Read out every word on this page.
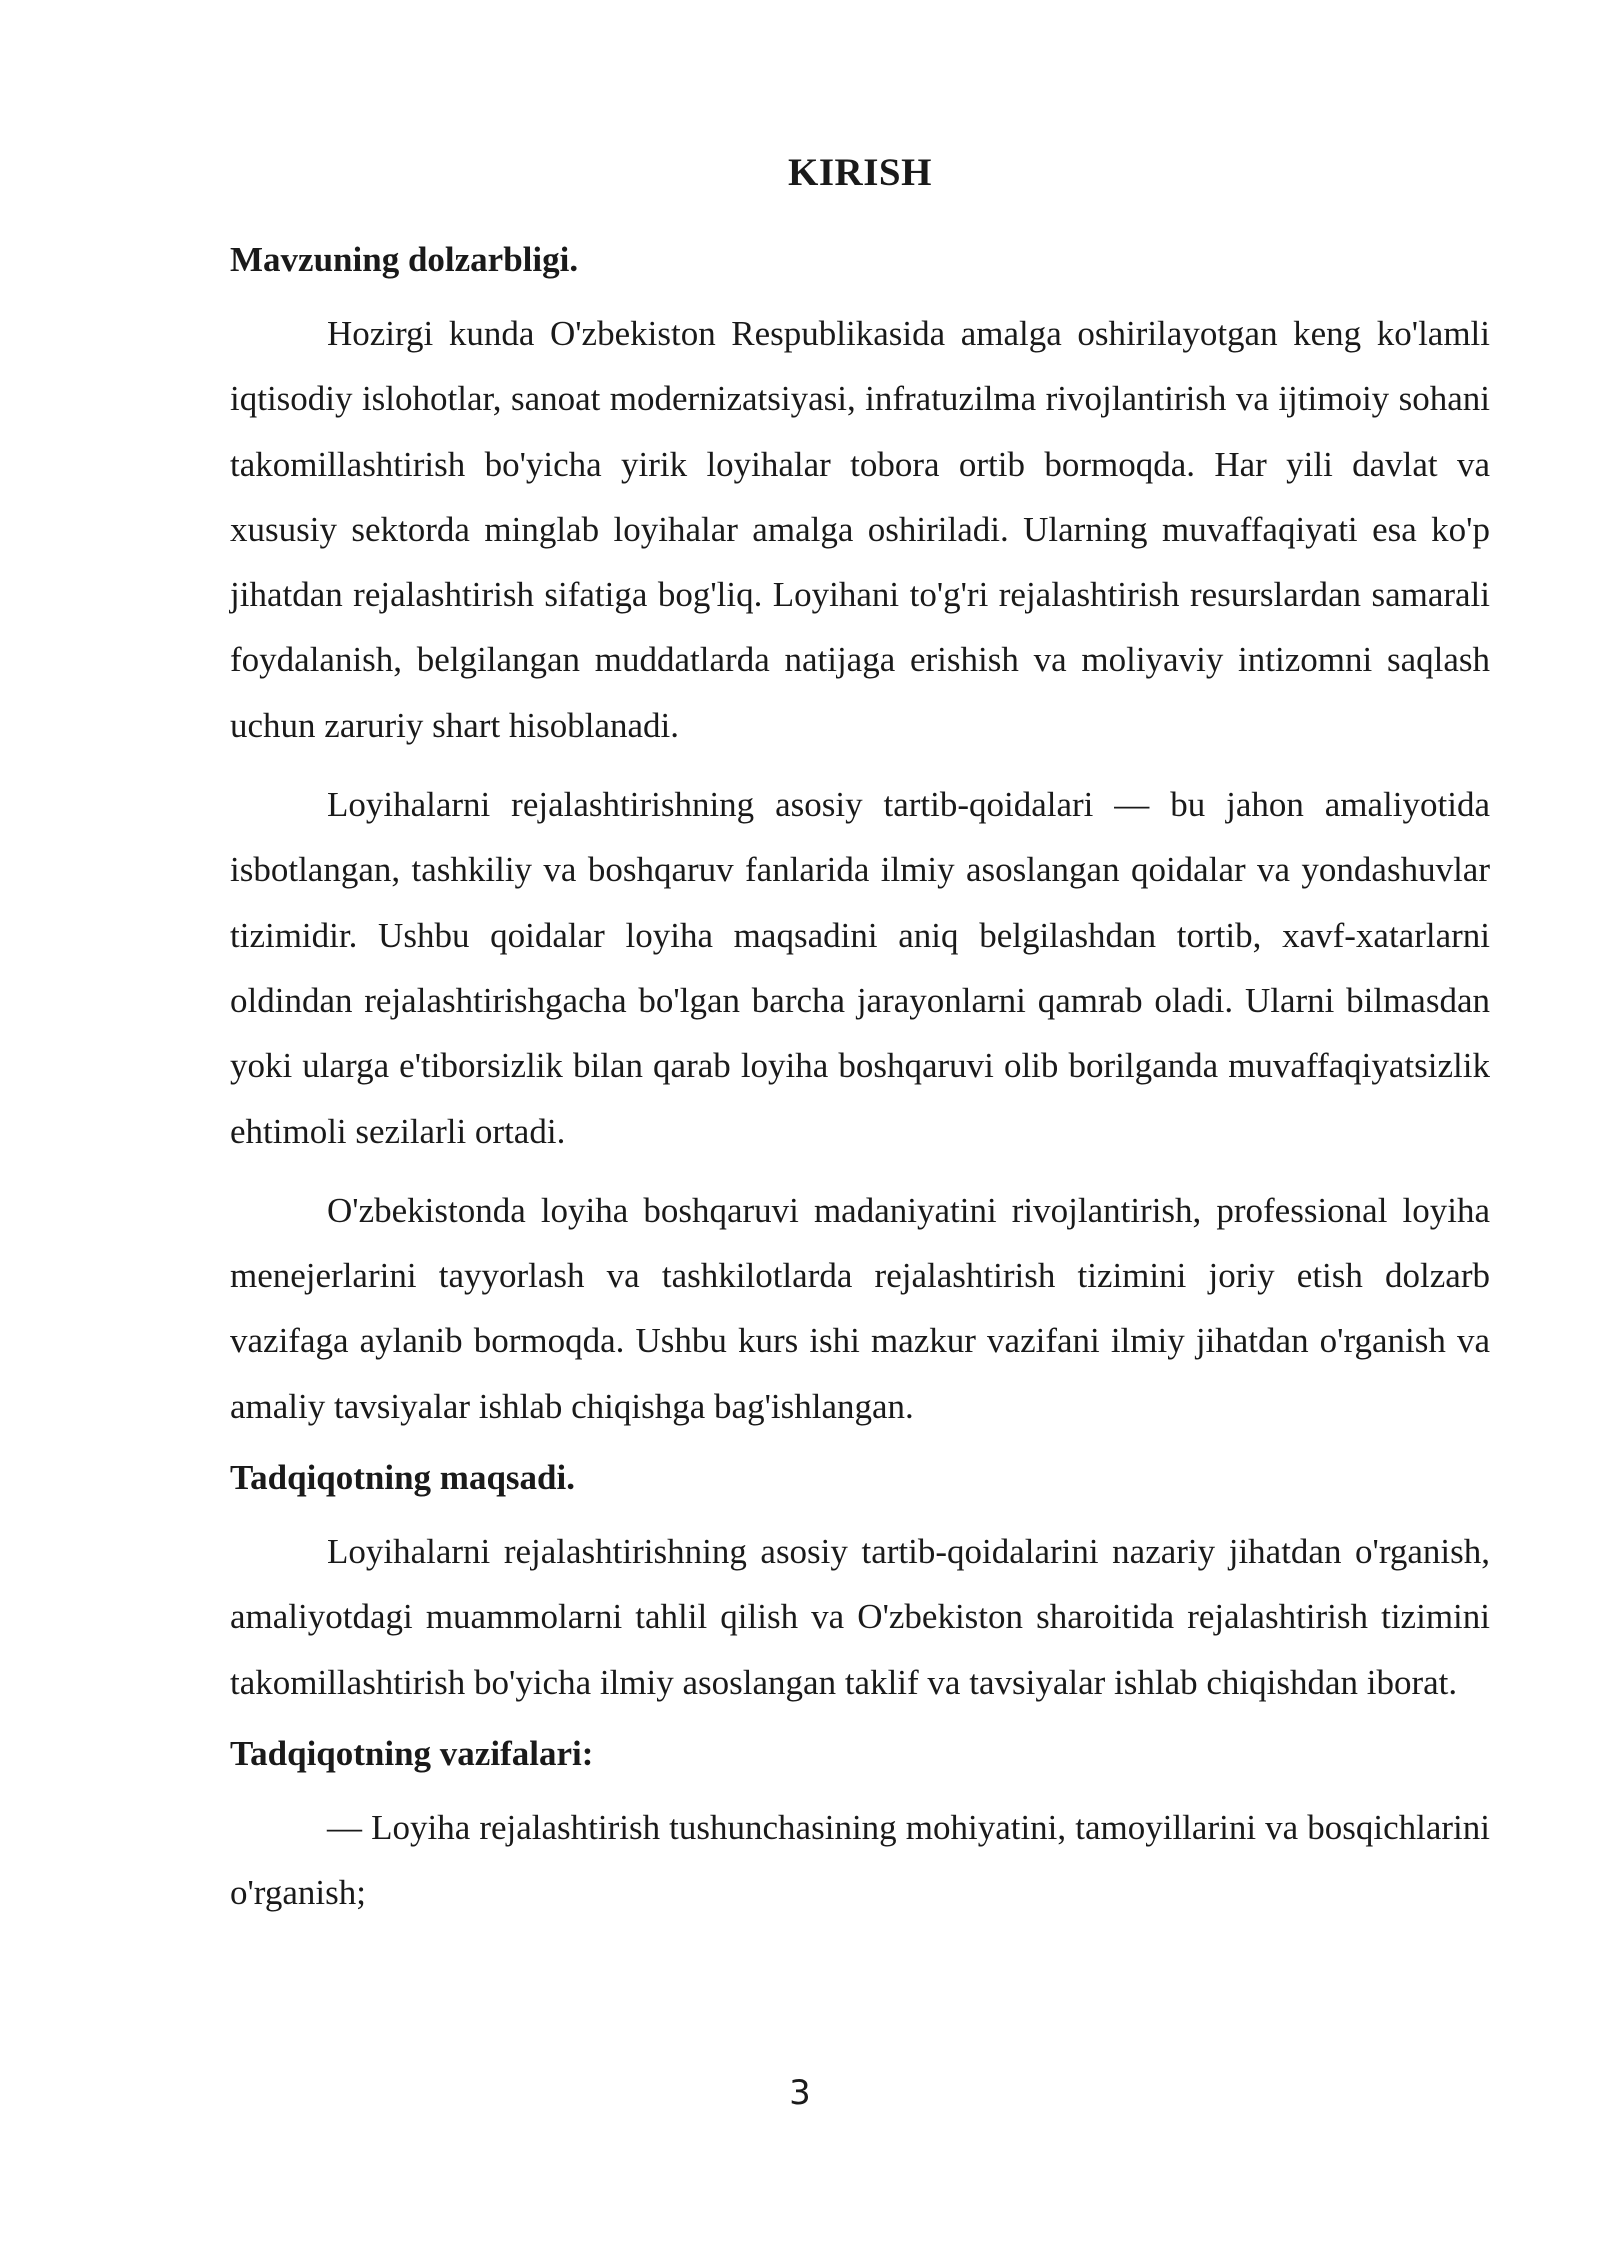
KIRISH
Mavzuning dolzarbligi.

Hozirgi kunda O'zbekiston Respublikasida amalga oshirilayotgan keng ko'lamli iqtisodiy islohotlar, sanoat modernizatsiyasi, infratuzilma rivojlantirish va ijtimoiy sohani takomillashtirish bo'yicha yirik loyihalar tobora ortib bormoqda. Har yili davlat va xususiy sektorda minglab loyihalar amalga oshiriladi. Ularning muvaffaqiyati esa ko'p jihatdan rejalashtirish sifatiga bog'liq. Loyihani to'g'ri rejalashtirish resurslardan samarali foydalanish, belgilangan muddatlarda natijaga erishish va moliyaviy intizomni saqlash uchun zaruriy shart hisoblanadi.

Loyihalarni rejalashtirishning asosiy tartib-qoidalari — bu jahon amaliyotida isbotlangan, tashkiliy va boshqaruv fanlarida ilmiy asoslangan qoidalar va yondashuvlar tizimidir. Ushbu qoidalar loyiha maqsadini aniq belgilashdan tortib, xavf-xatarlarni oldindan rejalashtirishgacha bo'lgan barcha jarayonlarni qamrab oladi. Ularni bilmasdan yoki ularga e'tiborsizlik bilan qarab loyiha boshqaruvi olib borilganda muvaffaqiyatsizlik ehtimoli sezilarli ortadi.

O'zbekistonda loyiha boshqaruvi madaniyatini rivojlantirish, professional loyiha menejerlarini tayyorlash va tashkilotlarda rejalashtirish tizimini joriy etish dolzarb vazifaga aylanib bormoqda. Ushbu kurs ishi mazkur vazifani ilmiy jihatdan o'rganish va amaliy tavsiyalar ishlab chiqishga bag'ishlangan.

Tadqiqotning maqsadi.

Loyihalarni rejalashtirishning asosiy tartib-qoidalarini nazariy jihatdan o'rganish, amaliyotdagi muammolarni tahlil qilish va O'zbekiston sharoitida rejalashtirish tizimini takomillashtirish bo'yicha ilmiy asoslangan taklif va tavsiyalar ishlab chiqishdan iborat.

Tadqiqotning vazifalari:

— Loyiha rejalashtirish tushunchasining mohiyatini, tamoyillarini va bosqichlarini o'rganish;

3
